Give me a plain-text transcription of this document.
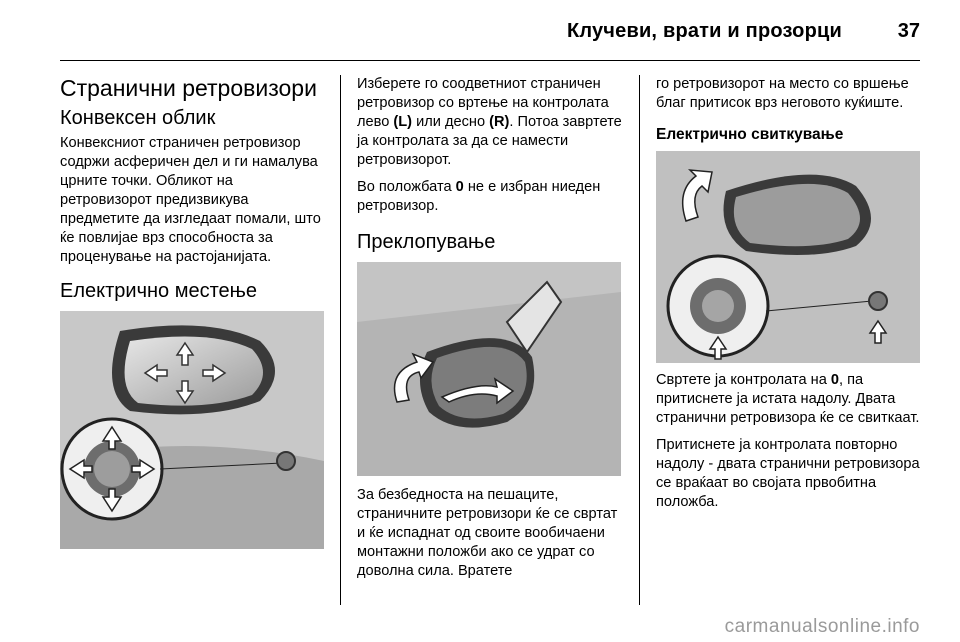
Клучеви, врати и прозорци	37
Странични ретровизори
Конвексен облик

Конвексниот страничен ретровизор содржи асферичен дел и ги намалува црните точки. Обликот на ретровизорот предизвикува предметите да изгледаат помали, што ќе повлијае врз способноста за проценување на растојанијата.

Електрично местење

Изберете го соодветниот страничен ретровизор со вртење на контролата лево (L) или десно (R). Потоа завртете ја контролата за да се намести ретровизорот.

Во положбата 0 не е избран ниеден ретровизор.

Преклопување

За безбедноста на пешаците, страничните ретровизори ќе се свртат и ќе испаднат од своите вообичаени монтажни положби ако се удрат со доволна сила. Вратете

го ретровизорот на место со вршење благ притисок врз неговото куќиште.

Електрично свиткување

Свртете ја контролата на 0, па притиснете ја истата надолу. Двата странични ретровизора ќе се свиткаат.

Притиснете ја контролата повторно надолу - двата странични ретровизора се враќаат во својата првобитна положба.

carmanualsonline.info
